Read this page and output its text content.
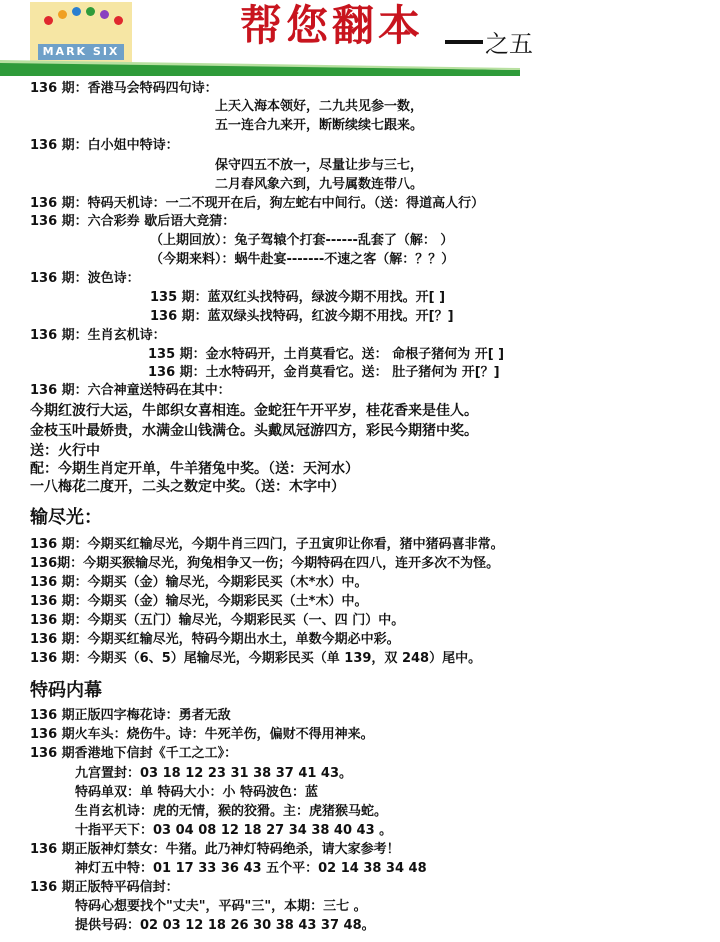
MARK SIX
帮您翻本	之五
136 期：香港马会特码四句诗：
上天入海本领好，二九共见参一数，
五一连合九来开，断断续续七跟来。
136 期：白小姐中特诗：
保守四五不放一，尽量让步与三七，
二月春风象六到，九号属数连带八。
136 期：特码天机诗：一二不现开在后，狗左蛇右中间行。（送：得道高人行）
136 期：六合彩券 歇后语大竞猜：
（上期回放）：兔子驾辕个打套------乱套了（解： ）
（今期来料）：蜗牛赴宴-------不速之客（解：？？）
136 期：波色诗：
135 期：蓝双红头找特码，绿波今期不用找。开[ ]
136 期：蓝双绿头找特码，红波今期不用找。开[？]
136 期：生肖玄机诗：
135 期：金水特码开，土肖莫看它。送： 命根子猪何为 开[ ]
136 期：土水特码开，金肖莫看它。送： 肚子猪何为 开[？]
136 期：六合神童送特码在其中：
今期红波行大运，牛郎织女喜相连。金蛇狂午开平岁，桂花香来是佳人。
金枝玉叶最娇贵，水满金山钱满仓。头戴凤冠游四方，彩民今期猪中奖。
送：火行中
配：今期生肖定开单，牛羊猪兔中奖。（送：天河水）
一八梅花二度开，二头之数定中奖。（送：木字中）
输尽光：
136 期：今期买红输尽光，今期牛肖三四门，子丑寅卯让你看，猪中猪码喜非常。
136期：今期买猴输尽光，狗兔相争又一伤；今期特码在四八，连开多次不为怪。
136 期：今期买（金）输尽光，今期彩民买（木*水）中。
136 期：今期买（金）输尽光，今期彩民买（土*木）中。
136 期：今期买（五门）输尽光，今期彩民买（一、四 门）中。
136 期：今期买红输尽光，特码今期出水土，单数今期必中彩。
136 期：今期买（6、5）尾输尽光，今期彩民买（单 139，双 248）尾中。
特码内幕
136 期正版四字梅花诗：勇者无敌
136 期火车头：烧伤牛。诗：牛死羊伤，偏财不得用神来。
136 期香港地下信封《千工之工》：
九宫置封：03 18 12 23 31 38 37 41 43。
特码单双：单 特码大小：小 特码波色：蓝
生肖玄机诗：虎的无情，猴的狡猾。主：虎猪猴马蛇。
十指平天下：03 04 08 12 18 27 34 38 40 43 。
136 期正版神灯禁女：牛猪。此乃神灯特码绝杀，请大家参考！
神灯五中特：01 17 33 36 43 五个平：02 14 38 34 48
136 期正版特平码信封：
特码心想要找个"丈夫"，平码"三"，本期：三七 。
提供号码：02 03 12 18 26 30 38 43 37 48。
